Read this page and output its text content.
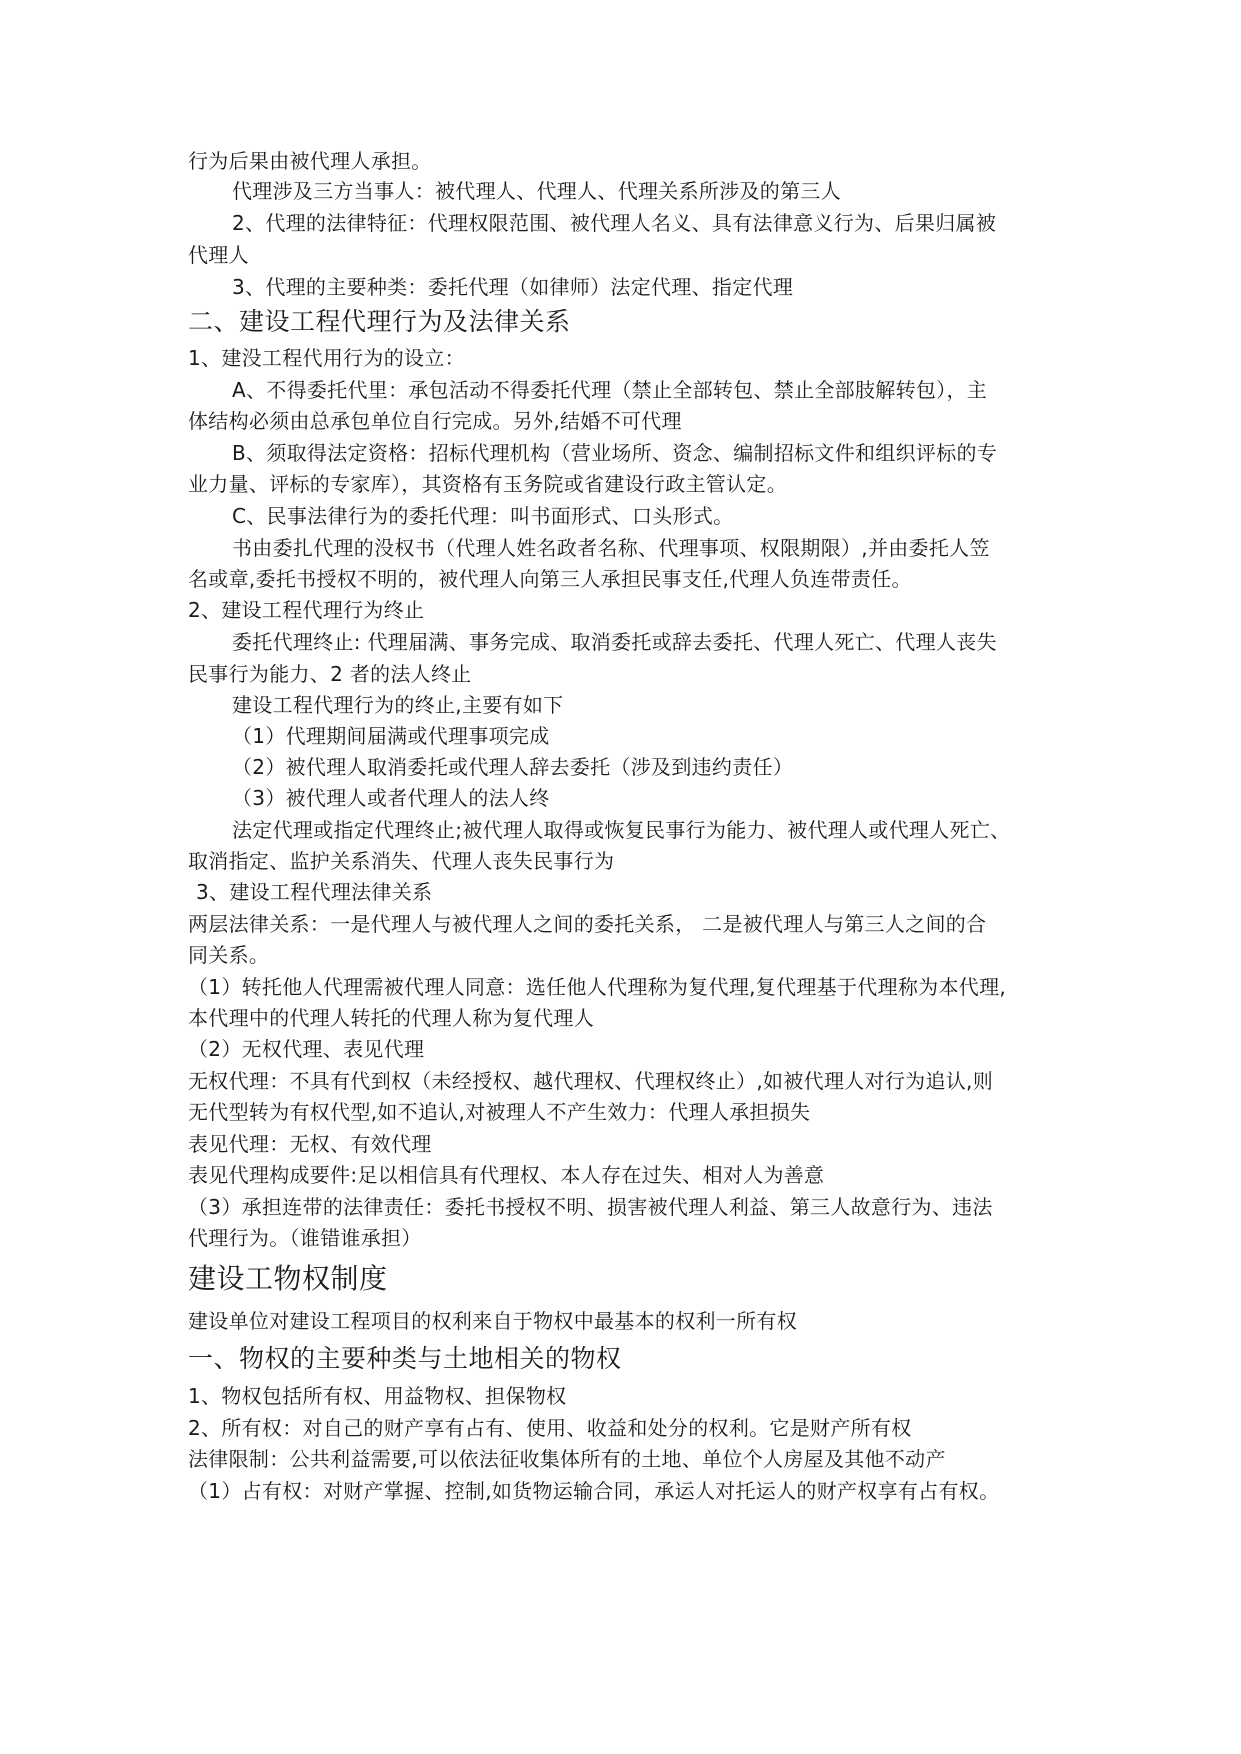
行为后果由被代理人承担。
代理涉及三方当事人：被代理人、代理人、代理关系所涉及的第三人
2、代理的法律特征：代理权限范围、被代理人名义、具有法律意义行为、后果归属被
代理人
3、代理的主要种类：委托代理（如律师）法定代理、指定代理
二、建设工程代理行为及法律关系
1、建没工程代用行为的设立：
A、不得委托代里：承包活动不得委托代理（禁止全部转包、禁止全部肢解转包），主
体结构必须由总承包单位自行完成。另外,结婚不可代理
B、须取得法定资格：招标代理机构（营业场所、资念、编制招标文件和组织评标的专
业力量、评标的专家库），其资格有玉务院或省建设行政主管认定。
C、民事法律行为的委托代理：叫书面形式、口头形式。
书由委扎代理的没权书（代理人姓名政者名称、代理事项、权限期限）,并由委托人笠
名或章,委托书授权不明的，被代理人向第三人承担民事支任,代理人负连带责任。
2、建设工程代理行为终止
委托代理终止: 代理届满、事务完成、取消委托或辞去委托、代理人死亡、代理人丧失
民事行为能力、2 者的法人终止
建设工程代理行为的终止,主要有如下
（1）代理期间届满或代理事项完成
（2）被代理人取消委托或代理人辞去委托（涉及到违约责任）
（3）被代理人或者代理人的法人终
法定代理或指定代理终止;被代理人取得或恢复民事行为能力、被代理人或代理人死亡、
取消指定、监护关系消失、代理人丧失民事行为
3、建设工程代理法律关系
两层法律关系：一是代理人与被代理人之间的委托关系， 二是被代理人与第三人之间的合
同关系。
（1）转托他人代理需被代理人同意：选任他人代理称为复代理,复代理基于代理称为本代理,
本代理中的代理人转托的代理人称为复代理人
（2）无权代理、表见代理
无权代理：不具有代到权（未经授权、越代理权、代理权终止）,如被代理人对行为追认,则
无代型转为有权代型,如不追认,对被理人不产生效力：代理人承担损失
表见代理：无权、有效代理
表见代理构成要件:足以相信具有代理权、本人存在过失、相对人为善意
（3）承担连带的法律责任：委托书授权不明、损害被代理人利益、第三人故意行为、违法
代理行为。（谁错谁承担）
建设工物权制度
建设单位对建设工程项目的权利来自于物权中最基本的权利一所有权
一、物权的主要种类与土地相关的物权
1、物权包括所有权、用益物权、担保物权
2、所有权：对自己的财产享有占有、使用、收益和处分的权利。它是财产所有权
法律限制：公共利益需要,可以依法征收集体所有的土地、单位个人房屋及其他不动产
（1）占有权：对财产掌握、控制,如货物运输合同，承运人对托运人的财产权享有占有权。
